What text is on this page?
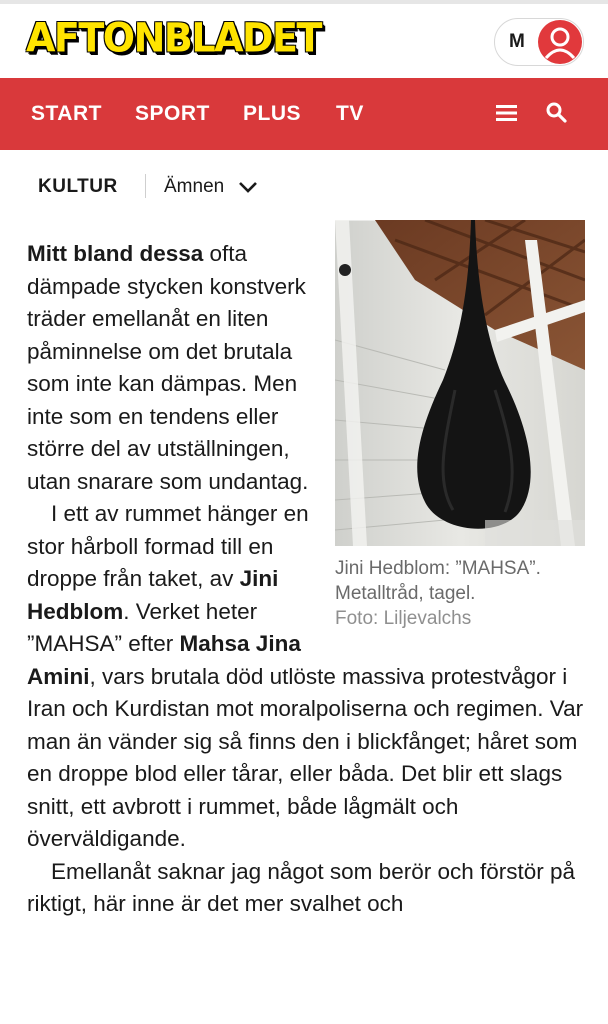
AFTONBLADET	M
START SPORT PLUS TV
KULTUR Ämnen
Jini Hedblom: ”MAHSA”. Metalltråd, tagel.
Foto: Liljevalchs

Mitt bland dessa ofta dämpade stycken konstverk träder emellanåt en liten påminnelse om det brutala som inte kan dämpas. Men inte som en tendens eller större del av utställningen, utan snarare som undantag.

I ett av rummet hänger en stor hårboll formad till en droppe från taket, av Jini Hedblom. Verket heter ”MAHSA” efter Mahsa Jina Amini, vars brutala död utlöste massiva protestvågor i Iran och Kurdistan mot moralpoliserna och regimen. Var man än vänder sig så finns den i blickfånget; håret som en droppe blod eller tårar, eller båda. Det blir ett slags snitt, ett avbrott i rummet, både lågmält och överväldigande.

Emellanåt saknar jag något som berör och förstör på riktigt, här inne är det mer svalhet och
